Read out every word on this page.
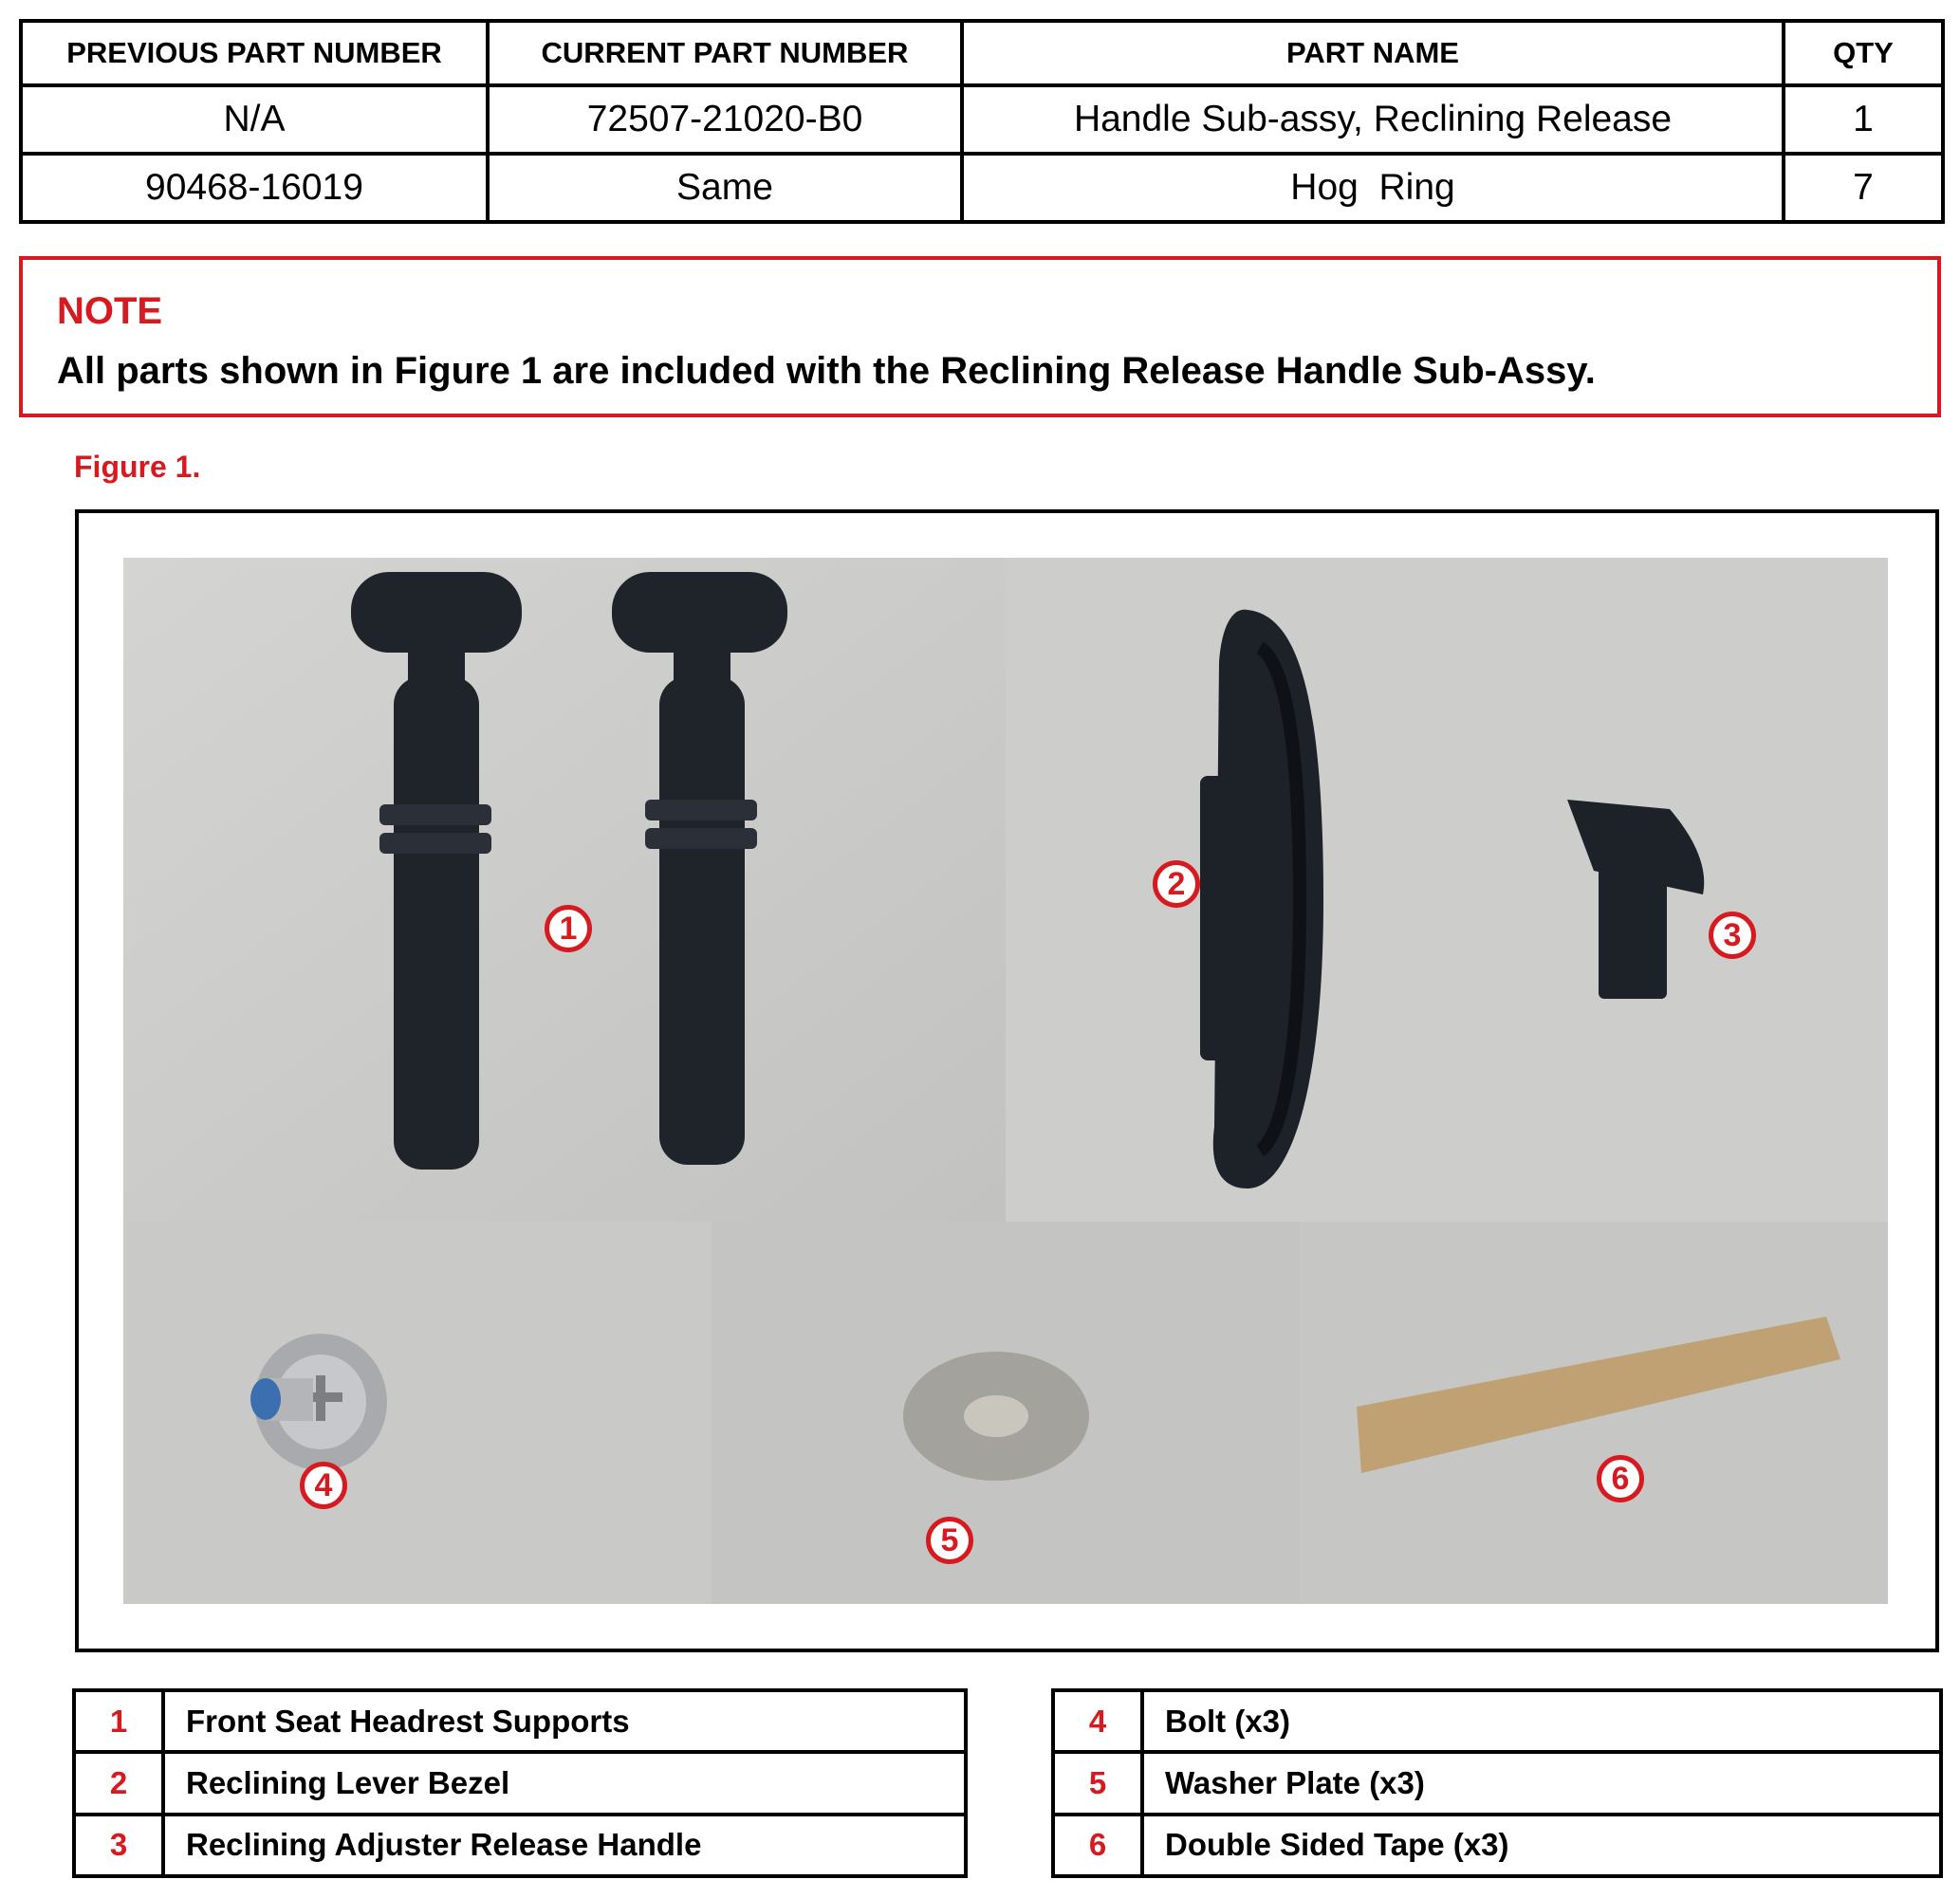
PREVIOUS PART NUMBER	CURRENT PART NUMBER	PART NAME	QTY
N/A	72507-21020-B0	Handle Sub-assy, Reclining Release	1
90468-16019	Same	Hog  Ring	7
NOTE
All parts shown in Figure 1 are included with the Reclining Release Handle Sub-Assy.
Figure 1.
1
2
3
4
5
6
1	Front Seat Headrest Supports
2	Reclining Lever Bezel
3	Reclining Adjuster Release Handle
4	Bolt (x3)
5	Washer Plate (x3)
6	Double Sided Tape (x3)
